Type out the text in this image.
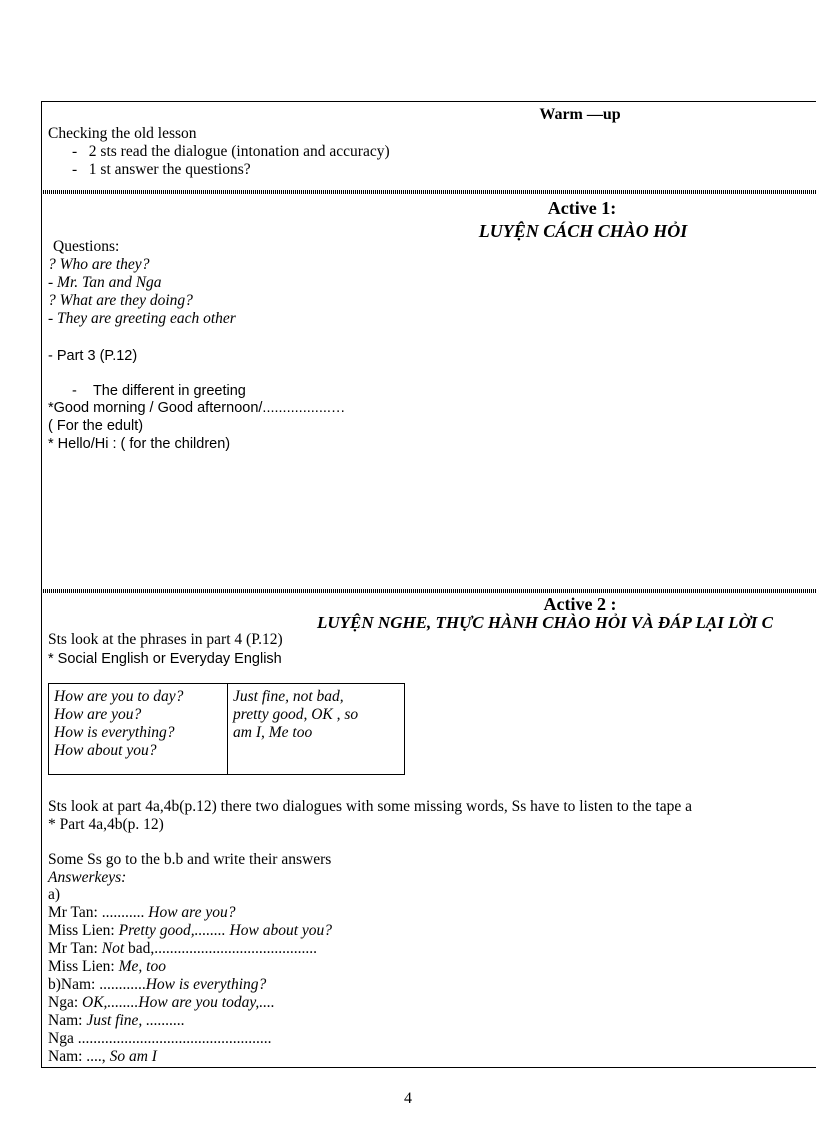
Warm —up
Checking the old lesson
-   2 sts read the dialogue (intonation and accuracy)
-   1 st answer the questions?
Active 1:
LUYỆN CÁCH CHÀO HỎI
Questions:
? Who are they?
- Mr. Tan and Nga
? What are they doing?
- They are greeting each other
- Part 3 (P.12)
-    The different in greeting
*Good morning / Good afternoon/.................…
( For the edult)
* Hello/Hi : ( for the children)
Active 2 :
LUYỆN NGHE, THỰC HÀNH CHÀO HỎI VÀ ĐÁP LẠI LỜI C
Sts look at the phrases in part 4 (P.12)
* Social English or Everyday English
How are you to day?
How are you?
How is everything?
How about you?
Just fine, not bad,
pretty good, OK , so
am I, Me too
Sts look at part 4a,4b(p.12) there two dialogues with some missing words, Ss have to listen to the tape a
* Part 4a,4b(p. 12)
Some Ss go to the b.b and write their answers
Answerkeys:
a)
Mr Tan: ........... How are you?
Miss Lien: Pretty good,........ How about you?
Mr Tan: Not bad,..........................................
Miss Lien: Me, too
b)Nam: ............How is everything?
Nga: OK,........How are you today,....
Nam: Just fine, ..........
Nga ..................................................
Nam: ...., So am I
4
